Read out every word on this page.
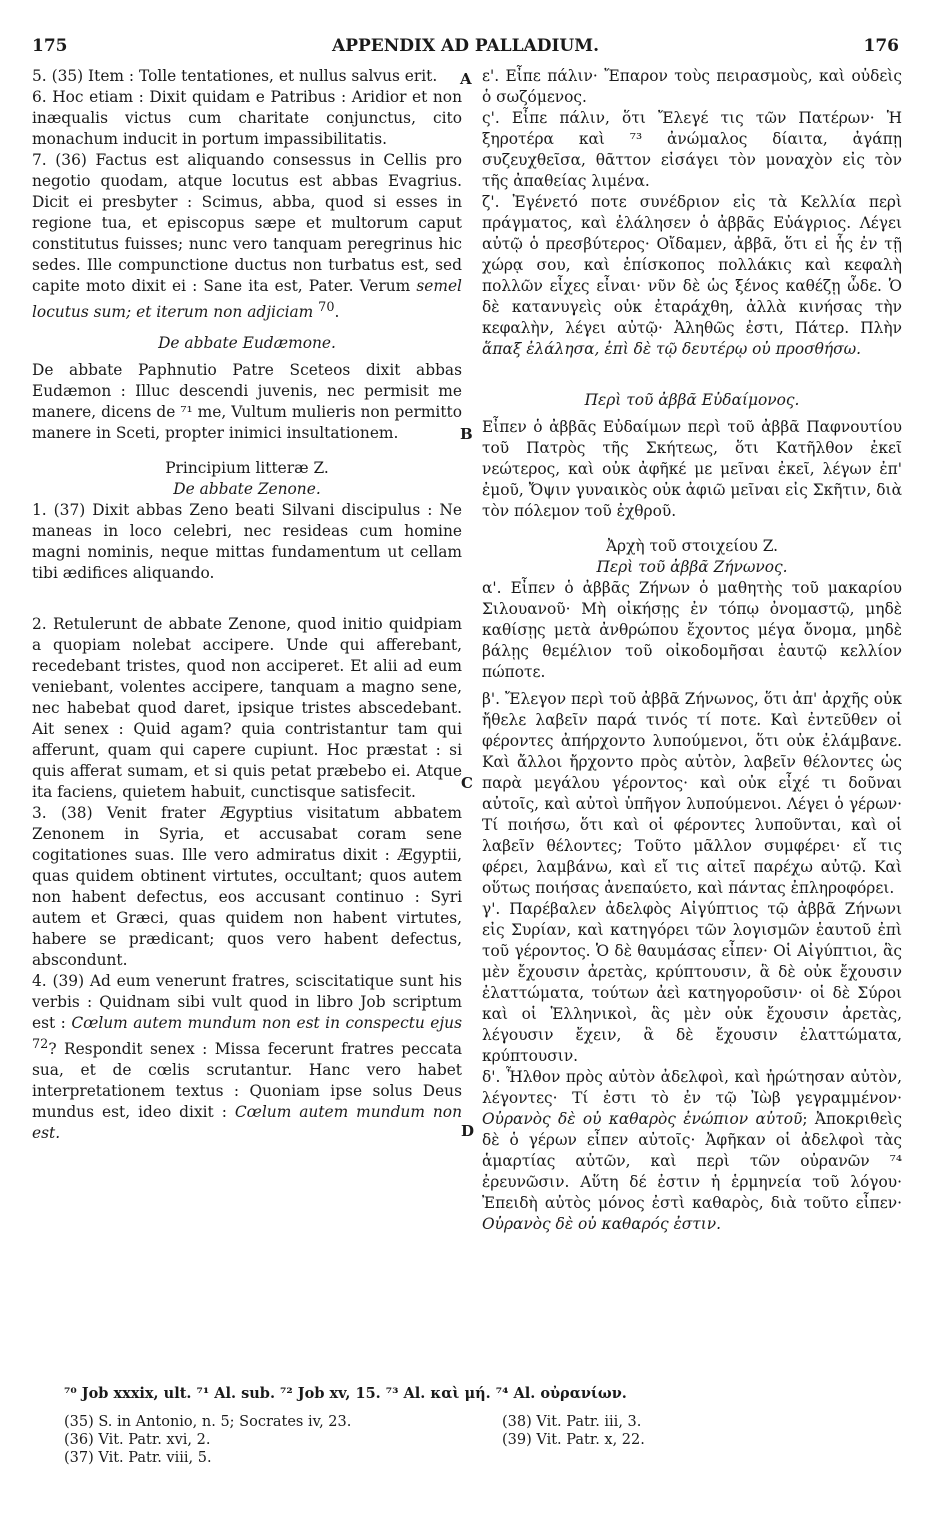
175	APPENDIX AD PALLADIUM.	176
A
B
C
D

5. (35) Item : Tolle tentationes, et nullus salvus erit.

6. Hoc etiam : Dixit quidam e Patribus : Aridior et non inæqualis victus cum charitate conjunctus, cito monachum inducit in portum impassibilitatis.

7. (36) Factus est aliquando consessus in Cellis pro negotio quodam, atque locutus est abbas Evagrius. Dicit ei presbyter : Scimus, abba, quod si esses in regione tua, et episcopus sæpe et multorum caput constitutus fuisses; nunc vero tanquam peregrinus hic sedes. Ille compunctione ductus non turbatus est, sed capite moto dixit ei : Sane ita est, Pater. Verum semel locutus sum; et iterum non adjiciam $^{70}$.

De abbate Eudæmone.

De abbate Paphnutio Patre Sceteos dixit abbas Eudæmon : Illuc descendi juvenis, nec permisit me manere, dicens de ⁷¹ me, Vultum mulieris non permitto manere in Sceti, propter inimici insultationem.

Principium litteræ Z.

De abbate Zenone.

1. (37) Dixit abbas Zeno beati Silvani discipulus : Ne maneas in loco celebri, nec resideas cum homine magni nominis, neque mittas fundamentum ut cellam tibi ædifices aliquando.

2. Retulerunt de abbate Zenone, quod initio quidpiam a quopiam nolebat accipere. Unde qui afferebant, recedebant tristes, quod non acciperet. Et alii ad eum veniebant, volentes accipere, tanquam a magno sene, nec habebat quod daret, ipsique tristes abscedebant. Ait senex : Quid agam? quia contristantur tam qui afferunt, quam qui capere cupiunt. Hoc præstat : si quis afferat sumam, et si quis petat præbebo ei. Atque ita faciens, quietem habuit, cunctisque satisfecit.

3. (38) Venit frater Ægyptius visitatum abbatem Zenonem in Syria, et accusabat coram sene cogitationes suas. Ille vero admiratus dixit : Ægyptii, quas quidem obtinent virtutes, occultant; quos autem non habent defectus, eos accusant continuo : Syri autem et Græci, quas quidem non habent virtutes, habere se prædicant; quos vero habent defectus, abscondunt.

4. (39) Ad eum venerunt fratres, sciscitatique sunt his verbis : Quidnam sibi vult quod in libro Job scriptum est : Cœlum autem mundum non est in conspectu ejus $^{72}$? Respondit senex : Missa fecerunt fratres peccata sua, et de cœlis scrutantur. Hanc vero habet interpretationem textus : Quoniam ipse solus Deus mundus est, ideo dixit : Cœlum autem mundum non est.

ε'. Εἶπε πάλιν· Ἔπαρον τοὺς πειρασμοὺς, καὶ οὐδεὶς ὁ σωζόμενος.

ς'. Εἶπε πάλιν, ὅτι Ἔλεγέ τις τῶν Πατέρων· Ἡ ξηροτέρα καὶ ⁷³ ἀνώμαλος δίαιτα, ἀγάπῃ συζευχθεῖσα, θᾶττον εἰσάγει τὸν μοναχὸν εἰς τὸν τῆς ἀπαθείας λιμένα.

ζ'. Ἐγένετό ποτε συνέδριον εἰς τὰ Κελλία περὶ πράγματος, καὶ ἐλάλησεν ὁ ἀββᾶς Εὐάγριος. Λέγει αὐτῷ ὁ πρεσβύτερος· Οἴδαμεν, ἀββᾶ, ὅτι εἰ ἧς ἐν τῇ χώρᾳ σου, καὶ ἐπίσκοπος πολλάκις καὶ κεφαλὴ πολλῶν εἶχες εἶναι· νῦν δὲ ὡς ξένος καθέζῃ ὧδε. Ὁ δὲ κατανυγεὶς οὐκ ἐταράχθη, ἀλλὰ κινήσας τὴν κεφαλὴν, λέγει αὐτῷ· Ἀληθῶς ἐστι, Πάτερ. Πλὴν ἅπαξ ἐλάλησα, ἐπὶ δὲ τῷ δευτέρῳ οὐ προσθήσω.

Περὶ τοῦ ἀββᾶ Εὐδαίμονος.

Εἶπεν ὁ ἀββᾶς Εὐδαίμων περὶ τοῦ ἀββᾶ Παφνουτίου τοῦ Πατρὸς τῆς Σκήτεως, ὅτι Κατῆλθον ἐκεῖ νεώτερος, καὶ οὐκ ἀφῆκέ με μεῖναι ἐκεῖ, λέγων ἐπ' ἐμοῦ, Ὄψιν γυναικὸς οὐκ ἀφιῶ μεῖναι εἰς Σκῆτιν, διὰ τὸν πόλεμον τοῦ ἐχθροῦ.

Ἀρχὴ τοῦ στοιχείου Z.

Περὶ τοῦ ἀββᾶ Ζήνωνος.

α'. Εἶπεν ὁ ἀββᾶς Ζήνων ὁ μαθητὴς τοῦ μακαρίου Σιλουανοῦ· Μὴ οἰκήσῃς ἐν τόπῳ ὀνομαστῷ, μηδὲ καθίσῃς μετὰ ἀνθρώπου ἔχοντος μέγα ὄνομα, μηδὲ βάλῃς θεμέλιον τοῦ οἰκοδομῆσαι ἑαυτῷ κελλίον πώποτε.

β'. Ἔλεγον περὶ τοῦ ἀββᾶ Ζήνωνος, ὅτι ἀπ' ἀρχῆς οὐκ ἤθελε λαβεῖν παρά τινός τί ποτε. Καὶ ἐντεῦθεν οἱ φέροντες ἀπήρχοντο λυπούμενοι, ὅτι οὐκ ἐλάμβανε. Καὶ ἄλλοι ἤρχοντο πρὸς αὐτὸν, λαβεῖν θέλοντες ὡς παρὰ μεγάλου γέροντος· καὶ οὐκ εἶχέ τι δοῦναι αὐτοῖς, καὶ αὐτοὶ ὑπῆγον λυπούμενοι. Λέγει ὁ γέρων· Τί ποιήσω, ὅτι καὶ οἱ φέροντες λυποῦνται, καὶ οἱ λαβεῖν θέλοντες; Τοῦτο μᾶλλον συμφέρει· εἴ τις φέρει, λαμβάνω, καὶ εἴ τις αἰτεῖ παρέχω αὐτῷ. Καὶ οὕτως ποιήσας ἀνεπαύετο, καὶ πάντας ἐπληροφόρει.

γ'. Παρέβαλεν ἀδελφὸς Αἰγύπτιος τῷ ἀββᾶ Ζήνωνι εἰς Συρίαν, καὶ κατηγόρει τῶν λογισμῶν ἑαυτοῦ ἐπὶ τοῦ γέροντος. Ὁ δὲ θαυμάσας εἶπεν· Οἱ Αἰγύπτιοι, ἃς μὲν ἔχουσιν ἀρετὰς, κρύπτουσιν, ἃ δὲ οὐκ ἔχουσιν ἐλαττώματα, τούτων ἀεὶ κατηγοροῦσιν· οἱ δὲ Σύροι καὶ οἱ Ἑλληνικοὶ, ἃς μὲν οὐκ ἔχουσιν ἀρετὰς, λέγουσιν ἔχειν, ἃ δὲ ἔχουσιν ἐλαττώματα, κρύπτουσιν.

δ'. Ἦλθον πρὸς αὐτὸν ἀδελφοὶ, καὶ ἠρώτησαν αὐτὸν, λέγοντες· Τί ἐστι τὸ ἐν τῷ Ἰὼβ γεγραμμένον· Οὐρανὸς δὲ οὐ καθαρὸς ἐνώπιον αὐτοῦ; Ἀποκριθεὶς δὲ ὁ γέρων εἶπεν αὐτοῖς· Ἀφῆκαν οἱ ἀδελφοὶ τὰς ἁμαρτίας αὐτῶν, καὶ περὶ τῶν οὐρανῶν ⁷⁴ ἐρευνῶσιν. Αὕτη δέ ἐστιν ἡ ἑρμηνεία τοῦ λόγου· Ἐπειδὴ αὐτὸς μόνος ἐστὶ καθαρὸς, διὰ τοῦτο εἶπεν· Οὐρανὸς δὲ οὐ καθαρός ἐστιν.

⁷⁰ Job xxxix, ult. ⁷¹ Al. sub. ⁷² Job xv, 15. ⁷³ Al. καὶ μή. ⁷⁴ Al. οὐρανίων.
(35) S. in Antonio, n. 5; Socrates iv, 23.
(36) Vit. Patr. xvi, 2.
(37) Vit. Patr. viii, 5.
(38) Vit. Patr. iii, 3.
(39) Vit. Patr. x, 22.
